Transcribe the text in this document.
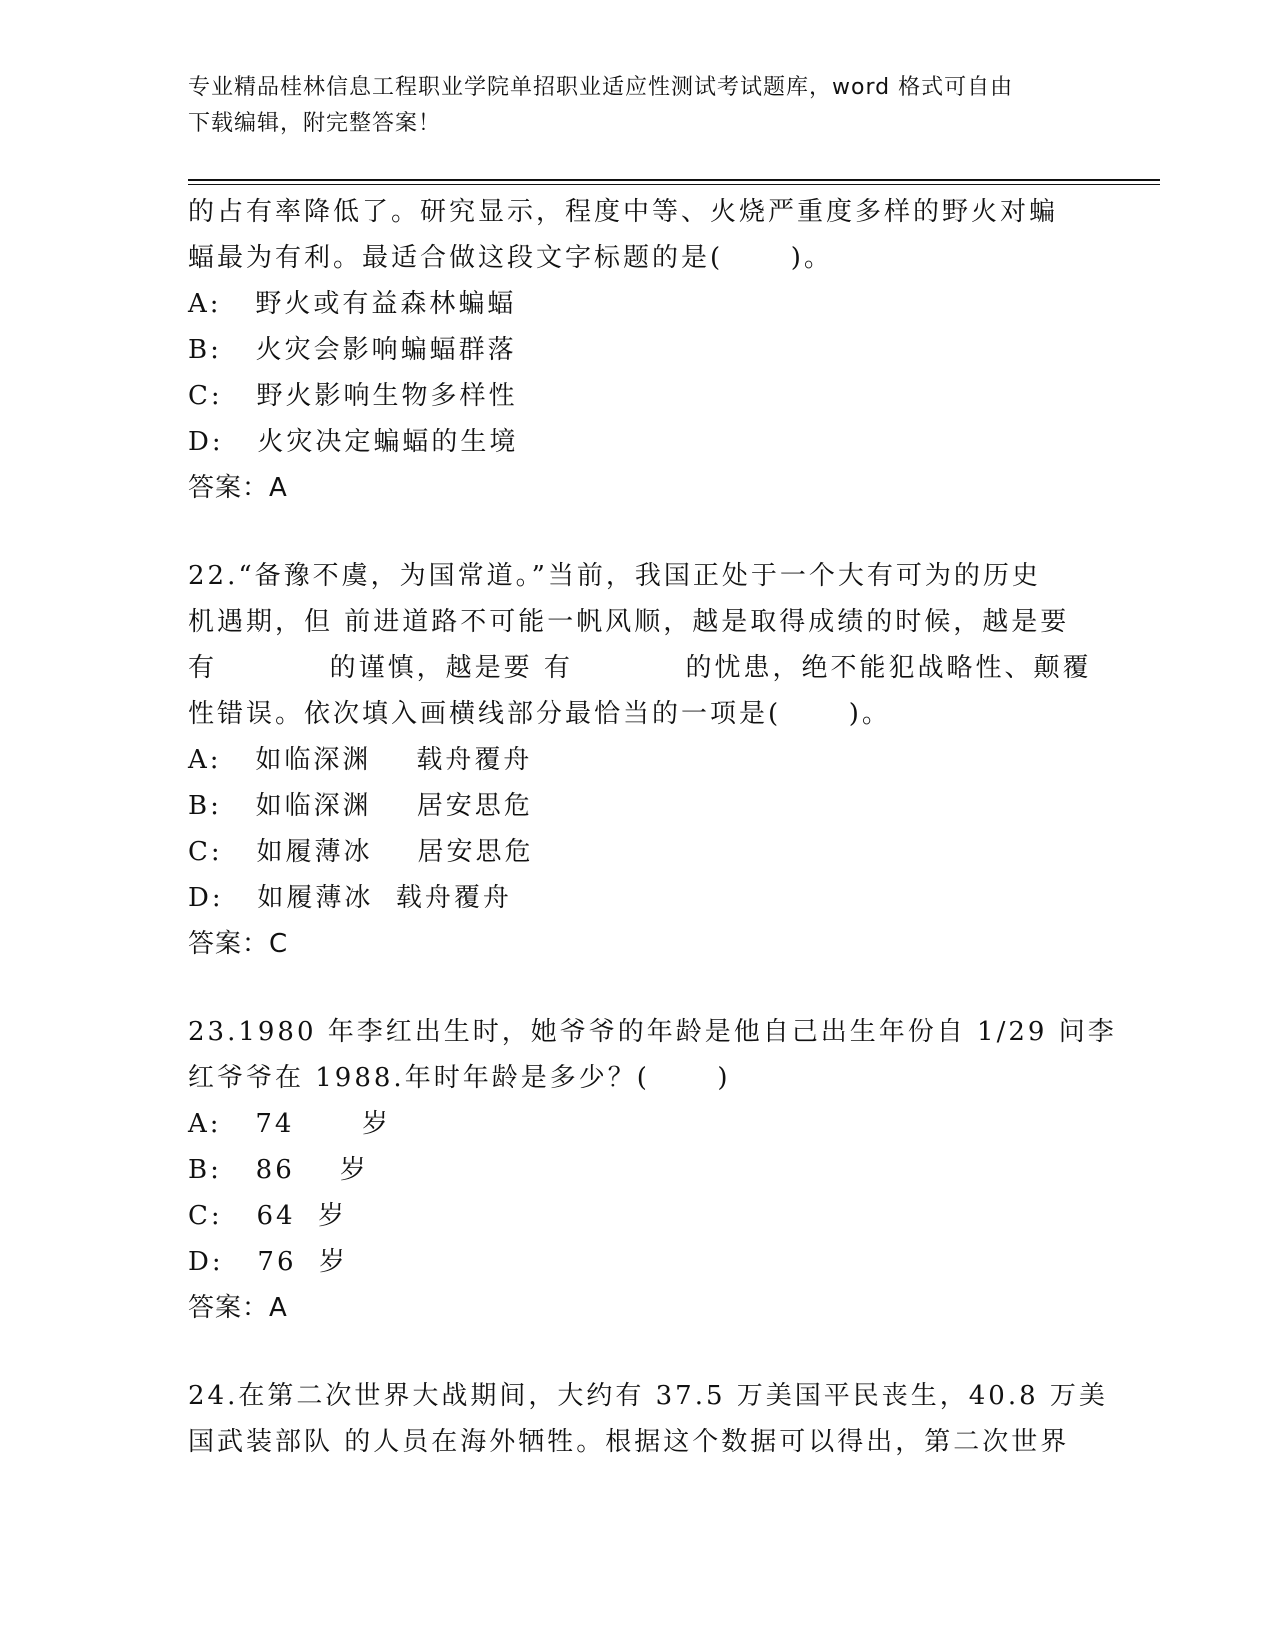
专业精品桂林信息工程职业学院单招职业适应性测试考试题库，word 格式可自由
下载编辑，附完整答案！
的占有率降低了。研究显示，程度中等、火烧严重度多样的野火对蝙
蝠最为有利。最适合做这段文字标题的是(      )。
A:   野火或有益森林蝙蝠
B:   火灾会影响蝙蝠群落
C:   野火影响生物多样性
D:   火灾决定蝙蝠的生境
答案：A
22.“备豫不虞，为国常道。”当前，我国正处于一个大有可为的历史
机遇期，但 前进道路不可能一帆风顺，越是取得成绩的时候，越是要
有          的谨慎，越是要 有          的忧患，绝不能犯战略性、颠覆
性错误。依次填入画横线部分最恰当的一项是(      )。
A:   如临深渊    载舟覆舟
B:   如临深渊    居安思危
C:   如履薄冰    居安思危
D:   如履薄冰  载舟覆舟
答案：C
23.1980 年李红出生时，她爷爷的年龄是他自己出生年份自 1/29 问李
红爷爷在 1988.年时年龄是多少？(      )
A:   74      岁
B:   86    岁
C:   64  岁
D:   76  岁
答案：A
24.在第二次世界大战期间，大约有 37.5 万美国平民丧生，40.8 万美
国武装部队 的人员在海外牺牲。根据这个数据可以得出，第二次世界
